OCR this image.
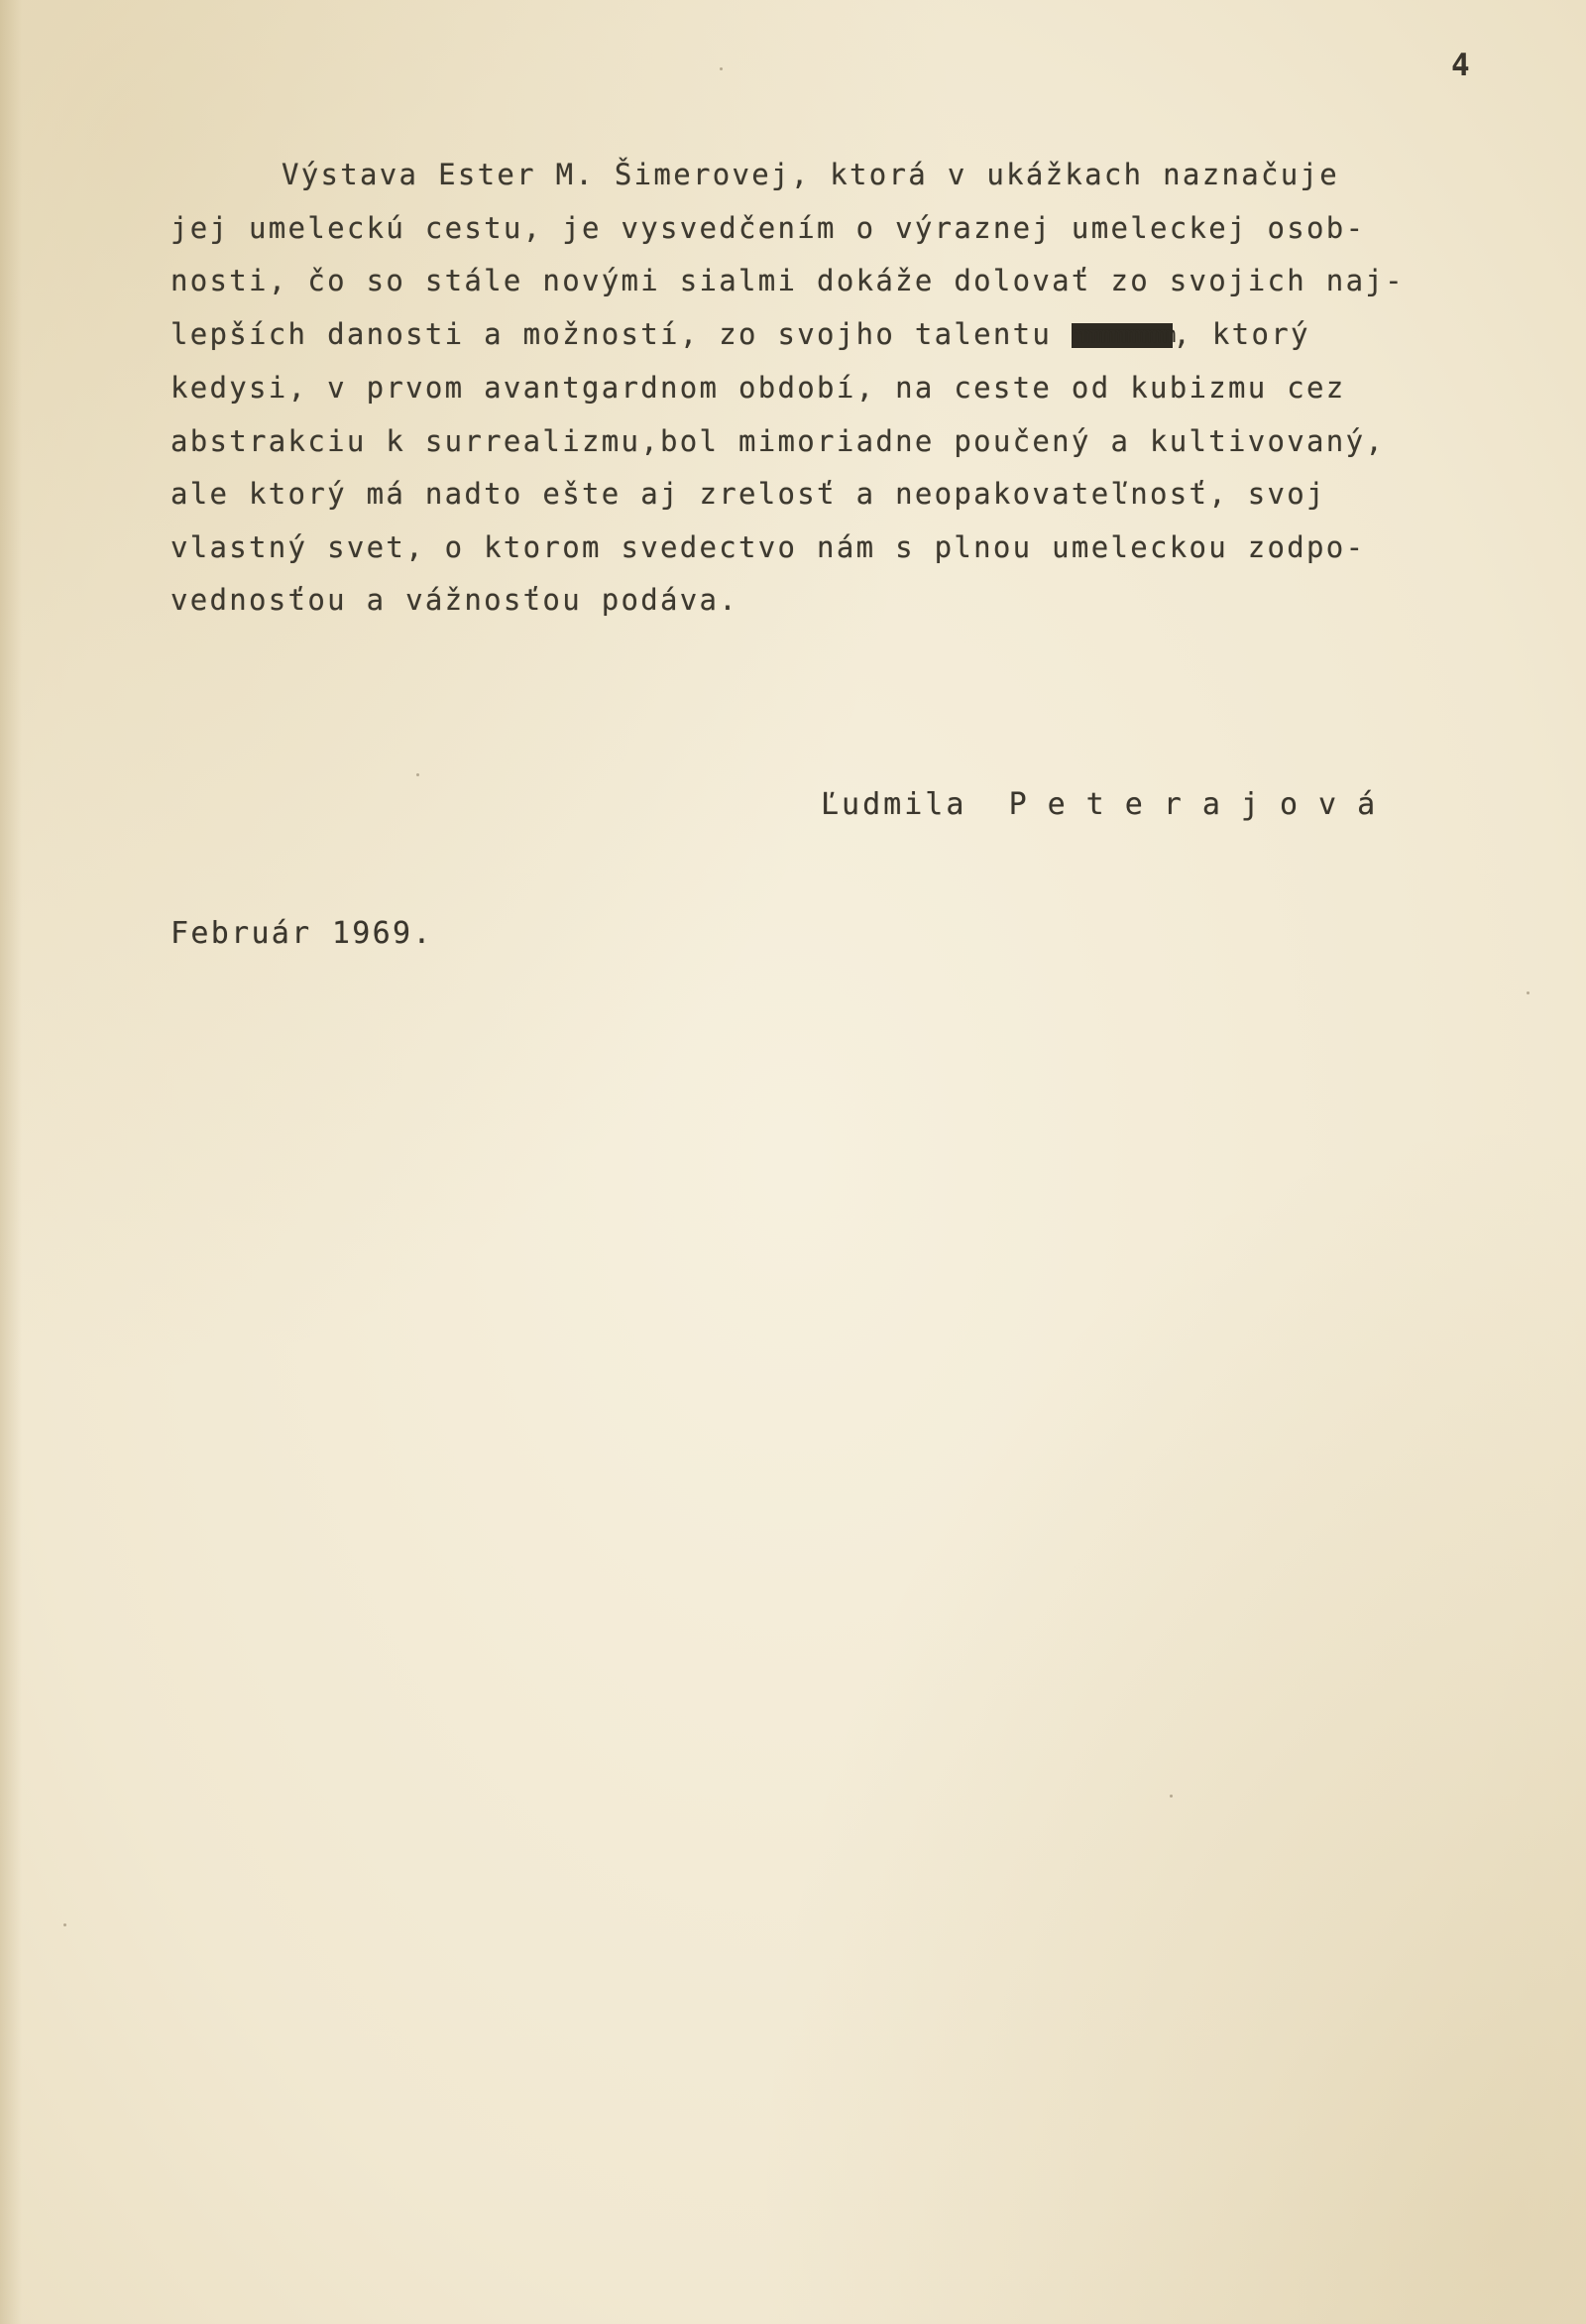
4
Výstava Ester M. Šimerovej, ktorá v ukážkach naznačuje
jej umeleckú cestu, je vysvedčením o výraznej umeleckej osob-
nosti, čo so stále novými sialmi dokáže dolovať zo svojich naj-
lepších danosti a možností, zo svojho talentu mmmmmmmmmm, ktorý
kedysi, v prvom avantgardnom období, na ceste od kubizmu cez
abstrakciu k surrealizmu,bol mimoriadne poučený a kultivovaný,
ale ktorý má nadto ešte aj zrelosť a neopakovateľnosť, svoj
vlastný svet, o ktorom svedectvo nám s plnou umeleckou zodpo-
vednosťou a vážnosťou podáva.
Ľudmila Peterajová
Február 1969.
